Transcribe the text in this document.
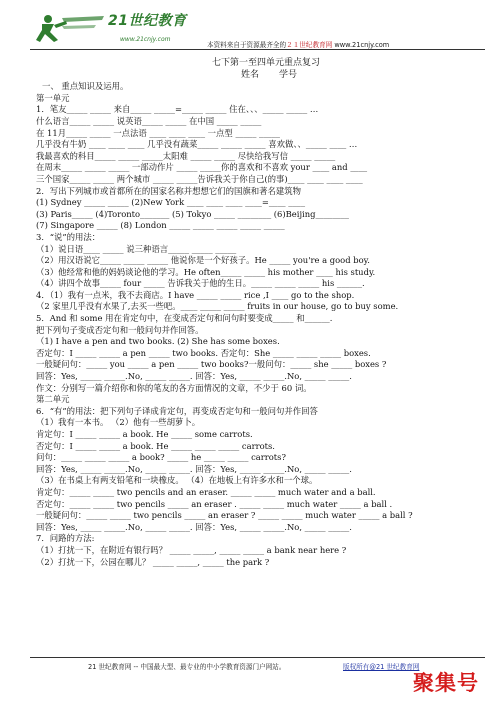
21世纪教育
www.21cnjy.com
本资料来自于资源最齐全的２１世纪教育网 www.21cnjy.com
七下第一至四单元重点复习
姓名 学号
一、 重点知识及运用。
第一单元
1．笔友_____ _____ 来自_____ _____=_____ _____ 住在、、、_____ _____ …
什么语言_____ _____ 说英语_____ _____ 在中国 _____ _____
在 11月_____ _____ 一点法语 ____ ____ ____ 一点型 _____ _____
几乎没有牛奶 ____ ____ ____ 几乎没有蔬菜_____ _____ _____ 喜欢做、、_____ ____ …
我最喜欢的科目_____ _____ _____太阳难 _____ _____ 尽快给我写信 _____ _____
在周末_____ _____ _____ 一部动作片 _____ _____你的喜欢和不喜欢 your ____ and ____
三个国家_____ _____ 两个城市 _____ _____告诉我关于你自己(的事)____ ____ ____ ____
2．写出下列城市或首都所在的国家名称并想想它们的国旗和著名建筑物
(1) Sydney _____ _____ (2)New York ____ ____ ____ ____=____ ____
(3) Paris_____ (4)Toronto_______ (5) Tokyo _____ ________ (6)Beijing________
(7) Singapore _____ (8) London _____ _____ _____ _____ _____
3．“说”的用法：
（1）说日语____ _____ 说三种语言_____ _____ _____
（2）用汉语说它_____ _____ _____ 他说你是一个好孩子。He _____ you're a good boy.
（3）他经常和他的妈妈谈论他的学习。He often_____ _____ his mother ____ his study.
（4）讲四个故事_____ four _____ 告诉我关于他的生日。_____ _____ _____ his ______.
4．（1）我有一点米，我不去商店。I have _____ _____ rice ,I ____ go to the shop.
（2 家里几乎没有水果了,去买一些吧。____ _____ _____ fruits in our house, go to buy some.
5．And 和 some 用在肯定句中，在变成否定句和问句时要变成_____ 和______.
把下列句子变成否定句和一般问句并作回答。
（1) I have a pen and two books. (2) She has some boxes.
否定句：I _____ _____ a pen _____ two books. 否定句：She _____ _____ _____ boxes.
一般疑问句：_____ you _____ a pen _____ two books?一般问句：_____ she _____ boxes ?
回答：Yes, _____ _____.No, _____ _____. 回答：Yes, _____ _____.No, _____ _____.
作文：分别写一篇介绍你和你的笔友的各方面情况的文章，不少于 60 词。
第二单元
6．“有”的用法：把下列句子译成肯定句，再变成否定句和一般问句并作回答
（1）我有一本书。 （2）他有一些胡萝卜。
肯定句：I _____ _____ a book. He _____ some carrots.
否定句：I _____ _____ a book. He _____ _____ _____ carrots.
问句：_____ _____ _____ a book? _____ he _____ _____ carrots?
回答：Yes, _____ _____.No, _____ _____. 回答：Yes, _____ _____.No, _____ _____.
（3）在书桌上有两支铅笔和一块橡皮。 （4）在地板上有许多水和一个球。
肯定句：_____ _____ two pencils and an eraser. _____ _____ much water and a ball.
否定句：_____ _____ two pencils _____ an eraser . _____ _____ much water _____ a ball .
一般疑问句：_____ _____ two pencils _____ an eraser ? _____ _____ much water _____ a ball ?
回答：Yes, _____ _____.No, _____ _____. 回答：Yes, _____ _____.No, _____ _____.
7．问路的方法:
（1）打扰一下，在附近有银行吗？ _____ _____, _____ _____ a bank near here ?
（2）打扰一下，公园在哪儿？ _____ _____, _____ the park ?
21 世纪教育网 -- 中国最大型、最专业的中小学教育资源门户网站。	版权所有@21 世纪教育网
聚集号
